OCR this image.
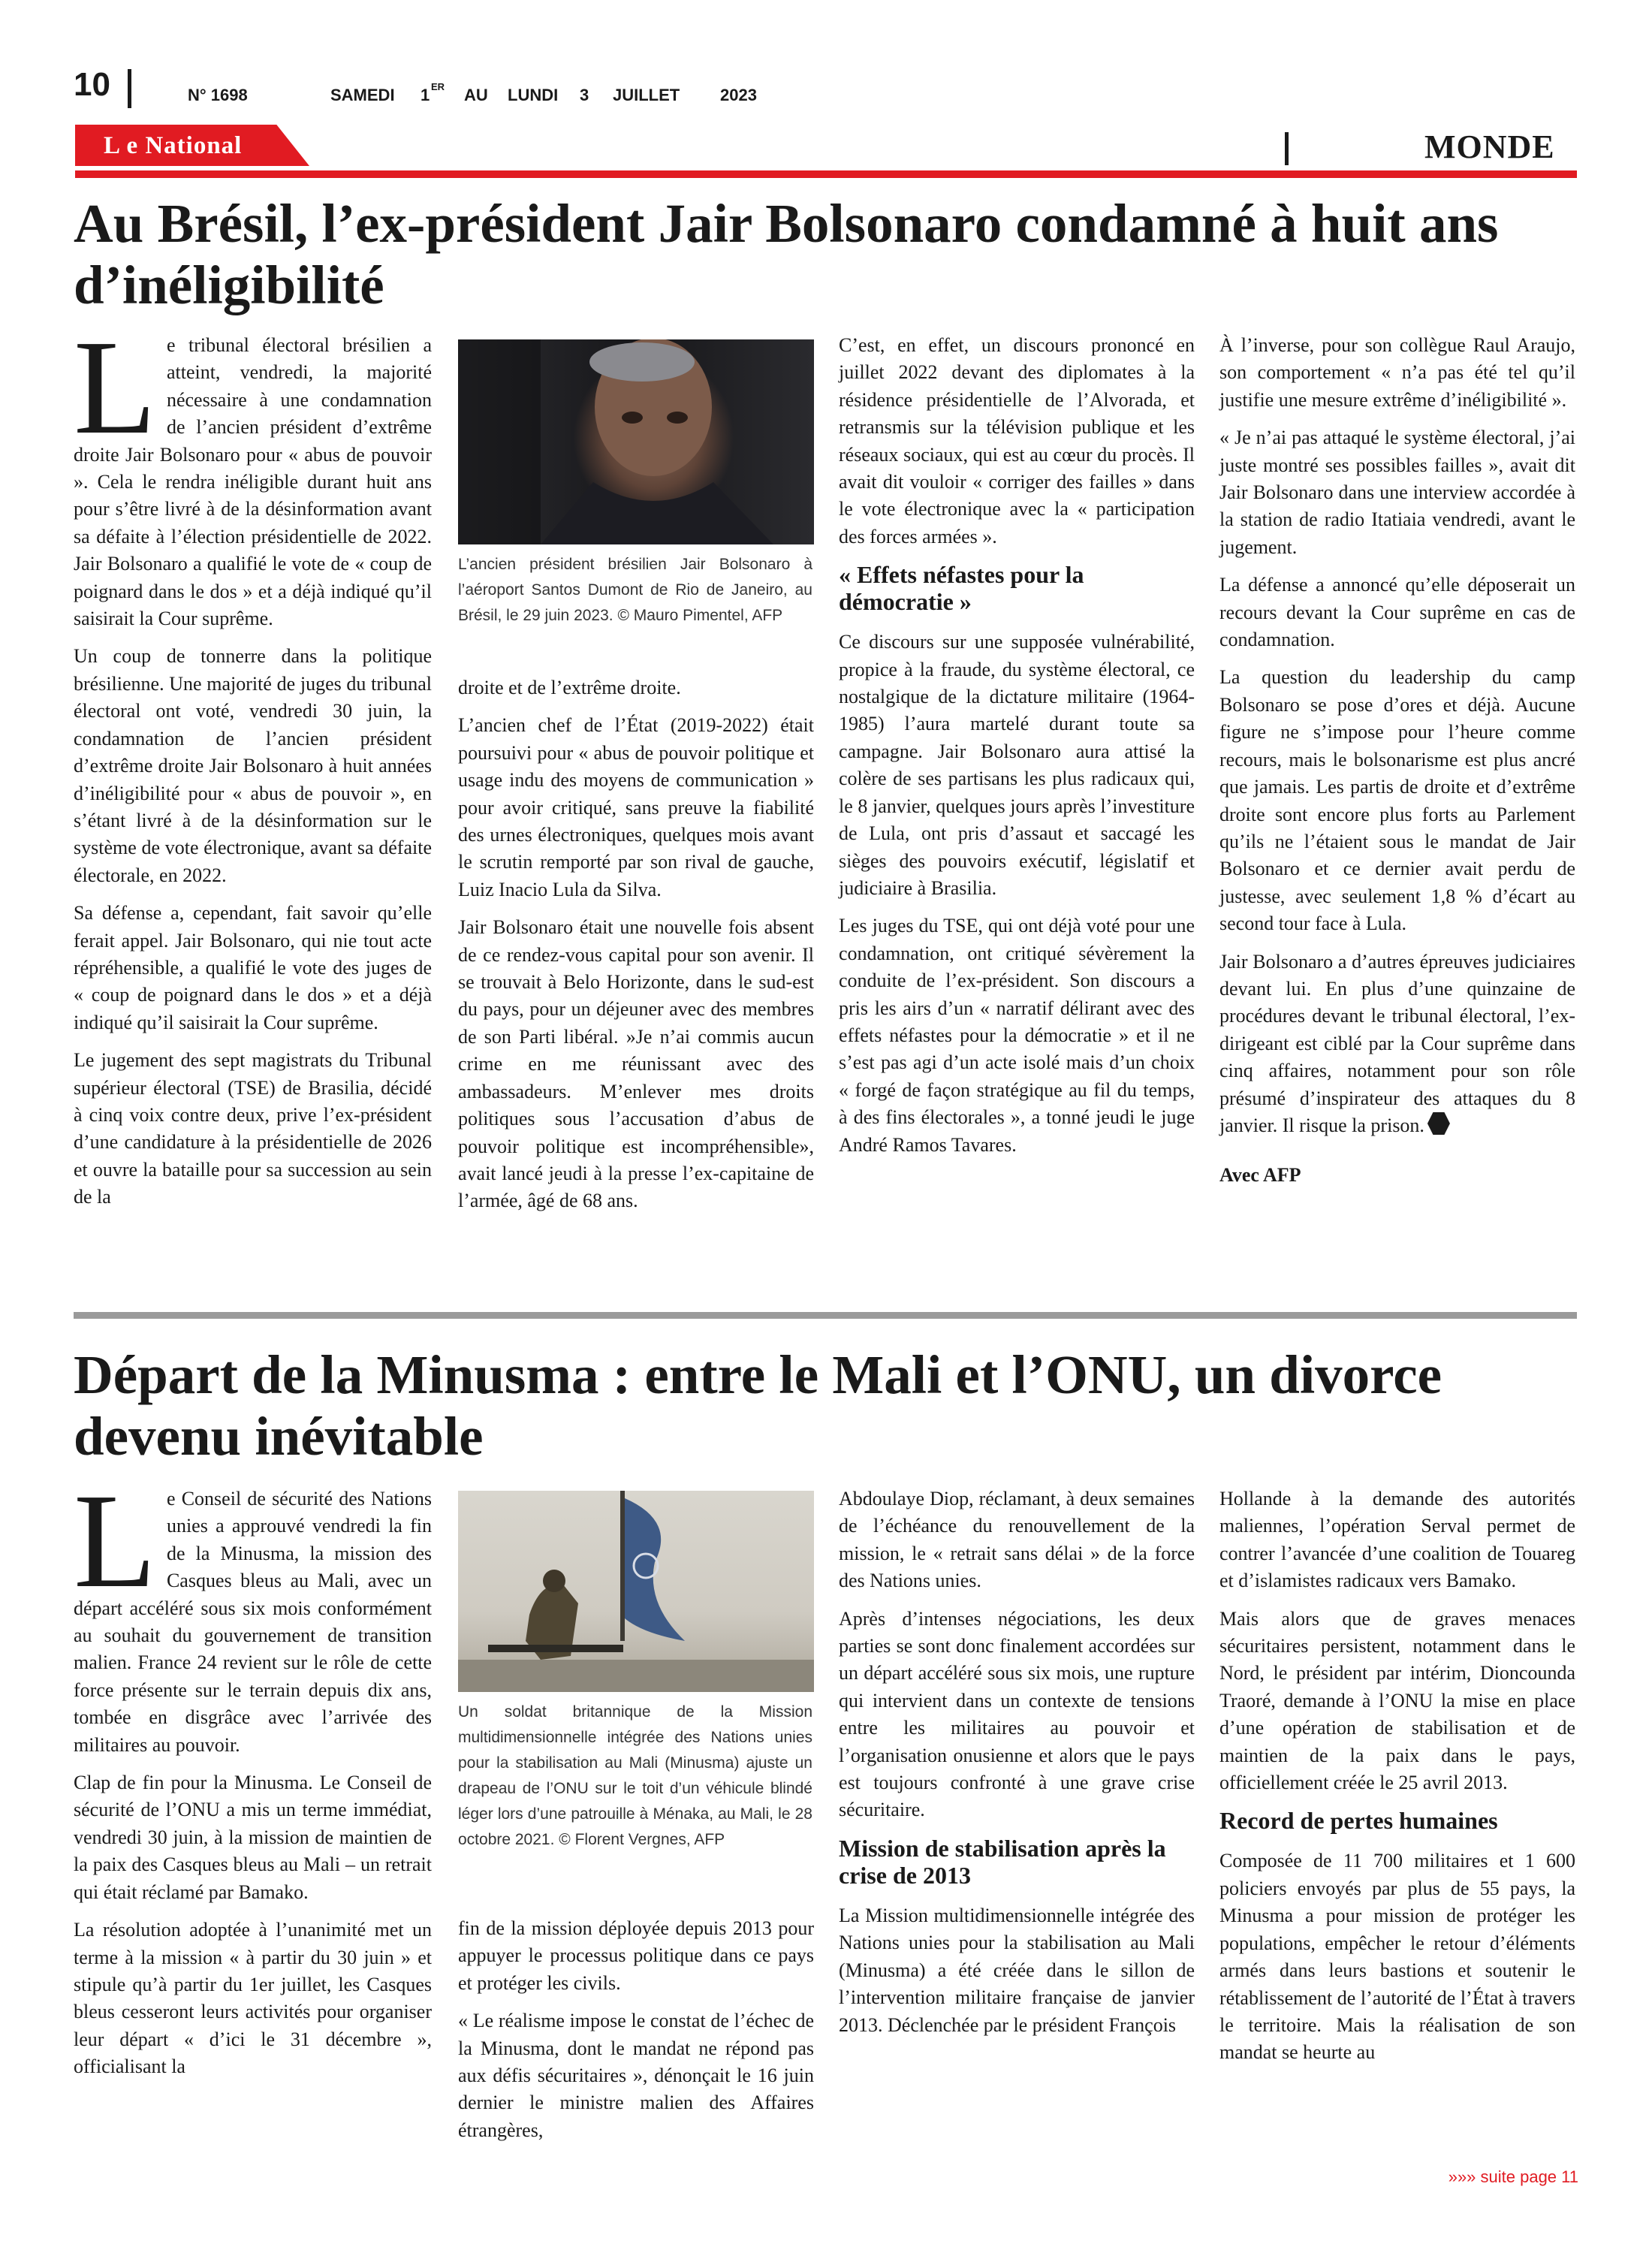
10	N° 1698	SAMEDI 1 ER AU LUNDI 3 JUILLET 2023
L e National	MONDE
Au Brésil, l’ex-président Jair Bolsonaro condamné à huit ans d’inéligibilité

Le tribunal électoral brésilien a atteint, vendredi, la majorité nécessaire à une condamnation de l’ancien président d’extrême droite Jair Bolsonaro pour « abus de pouvoir ». Cela le rendra inéligible durant huit ans pour s’être livré à de la désinformation avant sa défaite à l’élection présidentielle de 2022. Jair Bolsonaro a qualifié le vote de « coup de poignard dans le dos » et a déjà indiqué qu’il saisirait la Cour suprême.

Un coup de tonnerre dans la politique brésilienne. Une majorité de juges du tribunal électoral ont voté, vendredi 30 juin, la condamnation de l’ancien président d’extrême droite Jair Bolsonaro à huit années d’inéligibilité pour « abus de pouvoir », en s’étant livré à de la désinformation sur le système de vote électronique, avant sa défaite électorale, en 2022.

Sa défense a, cependant, fait savoir qu’elle ferait appel. Jair Bolsonaro, qui nie tout acte répréhensible, a qualifié le vote des juges de « coup de poignard dans le dos » et a déjà indiqué qu’il saisirait la Cour suprême.

Le jugement des sept magistrats du Tribunal supérieur électoral (TSE) de Brasilia, décidé à cinq voix contre deux, prive l’ex-président d’une candidature à la présidentielle de 2026 et ouvre la bataille pour sa succession au sein de la

L’ancien président brésilien Jair Bolsonaro à l’aéroport Santos Dumont de Rio de Janeiro, au Brésil, le 29 juin 2023. © Mauro Pimentel, AFP

droite et de l’extrême droite.

L’ancien chef de l’État (2019-2022) était poursuivi pour « abus de pouvoir politique et usage indu des moyens de communication » pour avoir critiqué, sans preuve la fiabilité des urnes électroniques, quelques mois avant le scrutin remporté par son rival de gauche, Luiz Inacio Lula da Silva.

Jair Bolsonaro était une nouvelle fois absent de ce rendez-vous capital pour son avenir. Il se trouvait à Belo Horizonte, dans le sud-est du pays, pour un déjeuner avec des membres de son Parti libéral. »Je n’ai commis aucun crime en me réunissant avec des ambassadeurs. M’enlever mes droits politiques sous l’accusation d’abus de pouvoir politique est incompréhensible», avait lancé jeudi à la presse l’ex-capitaine de l’armée, âgé de 68 ans.

C’est, en effet, un discours prononcé en juillet 2022 devant des diplomates à la résidence présidentielle de l’Alvorada, et retransmis sur la télévision publique et les réseaux sociaux, qui est au cœur du procès. Il avait dit vouloir « corriger des failles » dans le vote électronique avec la « participation des forces armées ».

« Effets néfastes pour la démocratie »

Ce discours sur une supposée vulnérabilité, propice à la fraude, du système électoral, ce nostalgique de la dictature militaire (1964-1985) l’aura martelé durant toute sa campagne. Jair Bolsonaro aura attisé la colère de ses partisans les plus radicaux qui, le 8 janvier, quelques jours après l’investiture de Lula, ont pris d’assaut et saccagé les sièges des pouvoirs exécutif, législatif et judiciaire à Brasilia.

Les juges du TSE, qui ont déjà voté pour une condamnation, ont critiqué sévèrement la conduite de l’ex-président. Son discours a pris les airs d’un « narratif délirant avec des effets néfastes pour la démocratie » et il ne s’est pas agi d’un acte isolé mais d’un choix « forgé de façon stratégique au fil du temps, à des fins électorales », a tonné jeudi le juge André Ramos Tavares.

À l’inverse, pour son collègue Raul Araujo, son comportement « n’a pas été tel qu’il justifie une mesure extrême d’inéligibilité ».

« Je n’ai pas attaqué le système électoral, j’ai juste montré ses possibles failles », avait dit Jair Bolsonaro dans une interview accordée à la station de radio Itatiaia vendredi, avant le jugement.

La défense a annoncé qu’elle déposerait un recours devant la Cour suprême en cas de condamnation.

La question du leadership du camp Bolsonaro se pose d’ores et déjà. Aucune figure ne s’impose pour l’heure comme recours, mais le bolsonarisme est plus ancré que jamais. Les partis de droite et d’extrême droite sont encore plus forts au Parlement qu’ils ne l’étaient sous le mandat de Jair Bolsonaro et ce dernier avait perdu de justesse, avec seulement 1,8 % d’écart au second tour face à Lula.

Jair Bolsonaro a d’autres épreuves judiciaires devant lui. En plus d’une quinzaine de procédures devant le tribunal électoral, l’ex-dirigeant est ciblé par la Cour suprême dans cinq affaires, notamment pour son rôle présumé d’inspirateur des attaques du 8 janvier. Il risque la prison.

Avec AFP
Départ de la Minusma : entre le Mali et l’ONU, un divorce devenu inévitable

Le Conseil de sécurité des Nations unies a approuvé vendredi la fin de la Minusma, la mission des Casques bleus au Mali, avec un départ accéléré sous six mois conformément au souhait du gouvernement de transition malien. France 24 revient sur le rôle de cette force présente sur le terrain depuis dix ans, tombée en disgrâce avec l’arrivée des militaires au pouvoir.

Clap de fin pour la Minusma. Le Conseil de sécurité de l’ONU a mis un terme immédiat, vendredi 30 juin, à la mission de maintien de la paix des Casques bleus au Mali – un retrait qui était réclamé par Bamako.

La résolution adoptée à l’unanimité met un terme à la mission « à partir du 30 juin » et stipule qu’à partir du 1er juillet, les Casques bleus cesseront leurs activités pour organiser leur départ « d’ici le 31 décembre », officialisant la

Un soldat britannique de la Mission multidimensionnelle intégrée des Nations unies pour la stabilisation au Mali (Minusma) ajuste un drapeau de l’ONU sur le toit d’un véhicule blindé léger lors d’une patrouille à Ménaka, au Mali, le 28 octobre 2021. © Florent Vergnes, AFP

fin de la mission déployée depuis 2013 pour appuyer le processus politique dans ce pays et protéger les civils.

« Le réalisme impose le constat de l’échec de la Minusma, dont le mandat ne répond pas aux défis sécuritaires », dénonçait le 16 juin dernier le ministre malien des Affaires étrangères,

Abdoulaye Diop, réclamant, à deux semaines de l’échéance du renouvellement de la mission, le « retrait sans délai » de la force des Nations unies.

Après d’intenses négociations, les deux parties se sont donc finalement accordées sur un départ accéléré sous six mois, une rupture qui intervient dans un contexte de tensions entre les militaires au pouvoir et l’organisation onusienne et alors que le pays est toujours confronté à une grave crise sécuritaire.

Mission de stabilisation après la crise de 2013

La Mission multidimensionnelle intégrée des Nations unies pour la stabilisation au Mali (Minusma) a été créée dans le sillon de l’intervention militaire française de janvier 2013. Déclenchée par le président François

Hollande à la demande des autorités maliennes, l’opération Serval permet de contrer l’avancée d’une coalition de Touareg et d’islamistes radicaux vers Bamako.

Mais alors que de graves menaces sécuritaires persistent, notamment dans le Nord, le président par intérim, Dioncounda Traoré, demande à l’ONU la mise en place d’une opération de stabilisation et de maintien de la paix dans le pays, officiellement créée le 25 avril 2013.

Record de pertes humaines

Composée de 11 700 militaires et 1 600 policiers envoyés par plus de 55 pays, la Minusma a pour mission de protéger les populations, empêcher le retour d’éléments armés dans leurs bastions et soutenir le rétablissement de l’autorité de l’État à travers le territoire. Mais la réalisation de son mandat se heurte au

»»» suite page 11
